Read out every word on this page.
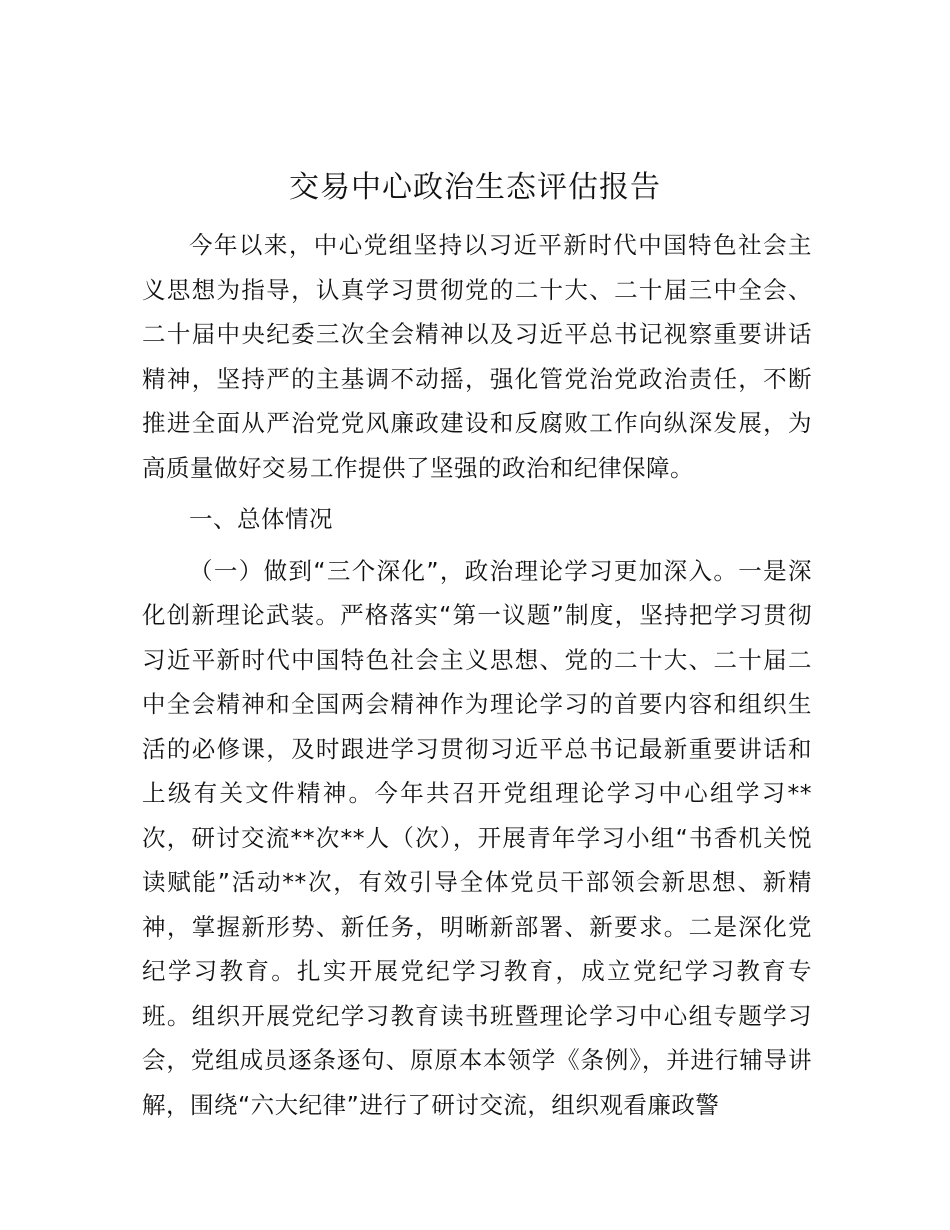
交易中心政治生态评估报告

今年以来，中心党组坚持以习近平新时代中国特色社会主义思想为指导，认真学习贯彻党的二十大、二十届三中全会、二十届中央纪委三次全会精神以及习近平总书记视察重要讲话精神，坚持严的主基调不动摇，强化管党治党政治责任，不断推进全面从严治党党风廉政建设和反腐败工作向纵深发展，为高质量做好交易工作提供了坚强的政治和纪律保障。

一、总体情况

（一）做到“三个深化”，政治理论学习更加深入。一是深化创新理论武装。严格落实“第一议题”制度，坚持把学习贯彻习近平新时代中国特色社会主义思想、党的二十大、二十届二中全会精神和全国两会精神作为理论学习的首要内容和组织生活的必修课，及时跟进学习贯彻习近平总书记最新重要讲话和上级有关文件精神。今年共召开党组理论学习中心组学习**次，研讨交流**次**人（次），开展青年学习小组“书香机关悦读赋能”活动**次，有效引导全体党员干部领会新思想、新精神，掌握新形势、新任务，明晰新部署、新要求。二是深化党纪学习教育。扎实开展党纪学习教育，成立党纪学习教育专班。组织开展党纪学习教育读书班暨理论学习中心组专题学习会，党组成员逐条逐句、原原本本领学《条例》，并进行辅导讲解，围绕“六大纪律”进行了研讨交流，组织观看廉政警
